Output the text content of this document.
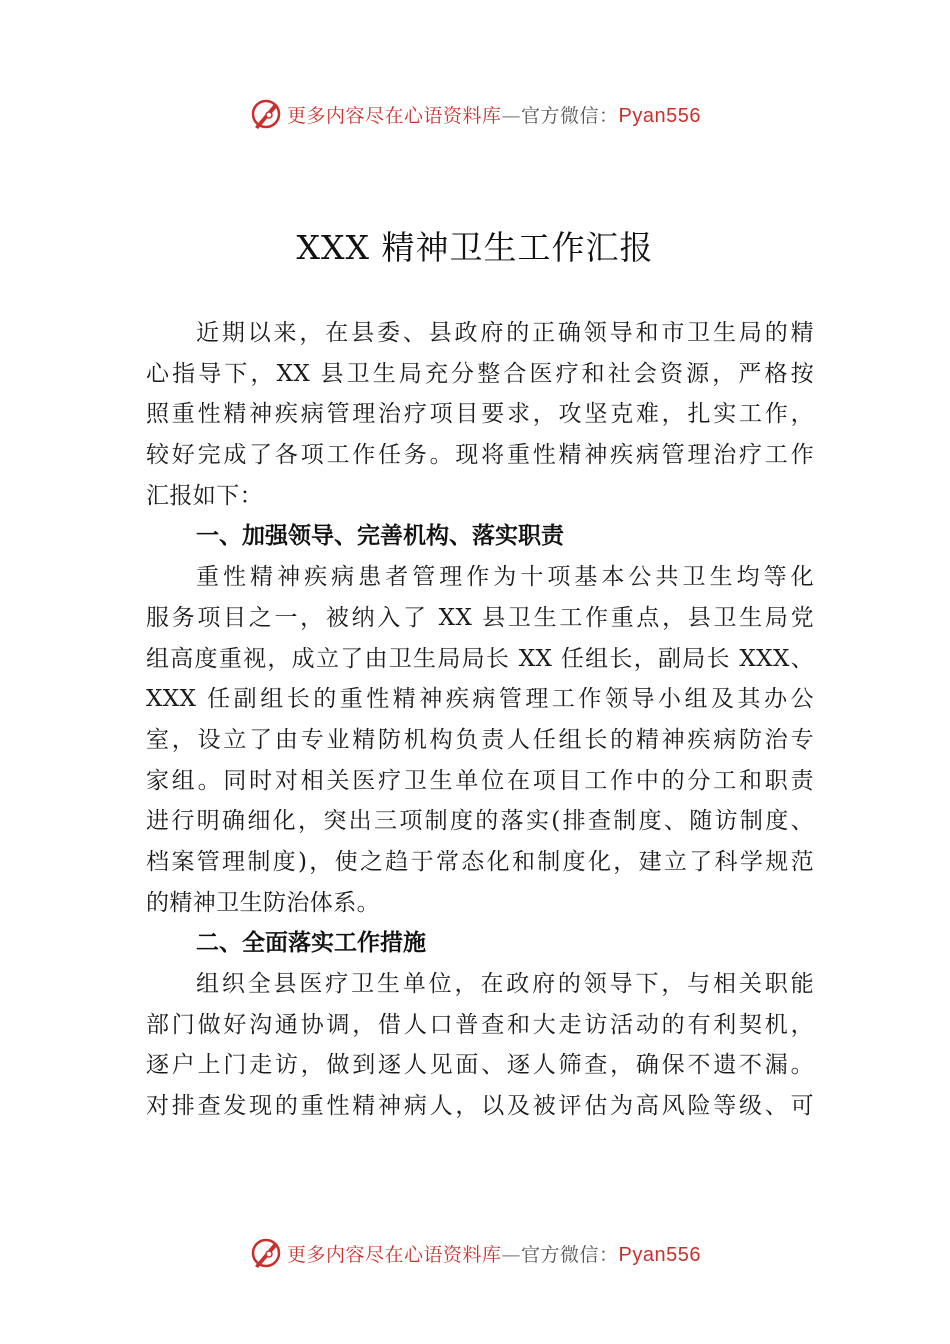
更多内容尽在心语资料库—官方微信：Pyan556
XXX 精神卫生工作汇报
近期以来，在县委、县政府的正确领导和市卫生局的精
心指导下，XX 县卫生局充分整合医疗和社会资源，严格按
照重性精神疾病管理治疗项目要求，攻坚克难，扎实工作，
较好完成了各项工作任务。现将重性精神疾病管理治疗工作
汇报如下：
一、加强领导、完善机构、落实职责
重性精神疾病患者管理作为十项基本公共卫生均等化
服务项目之一，被纳入了 XX 县卫生工作重点，县卫生局党
组高度重视，成立了由卫生局局长 XX 任组长，副局长 XXX、
XXX 任副组长的重性精神疾病管理工作领导小组及其办公
室，设立了由专业精防机构负责人任组长的精神疾病防治专
家组。同时对相关医疗卫生单位在项目工作中的分工和职责
进行明确细化，突出三项制度的落实(排查制度、随访制度、
档案管理制度)，使之趋于常态化和制度化，建立了科学规范
的精神卫生防治体系。
二、全面落实工作措施
组织全县医疗卫生单位，在政府的领导下，与相关职能
部门做好沟通协调，借人口普查和大走访活动的有利契机，
逐户上门走访，做到逐人见面、逐人筛查，确保不遗不漏。
对排查发现的重性精神病人，以及被评估为高风险等级、可
更多内容尽在心语资料库—官方微信：Pyan556
